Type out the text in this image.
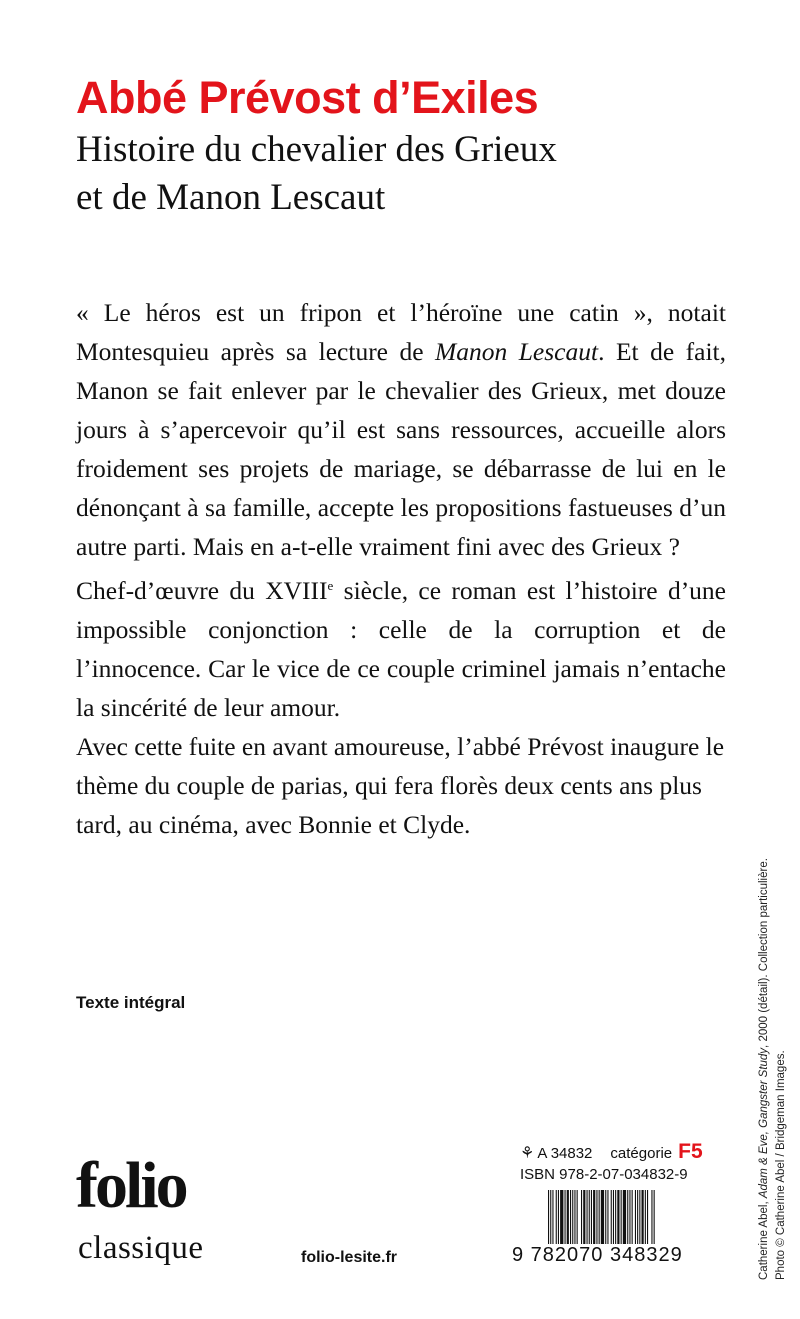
Abbé Prévost d’Exiles
Histoire du chevalier des Grieux
et de Manon Lescaut

« Le héros est un fripon et l’héroïne une catin », notait Montesquieu après sa lecture de Manon Lescaut. Et de fait, Manon se fait enlever par le chevalier des Grieux, met douze jours à s’apercevoir qu’il est sans ressources, accueille alors froidement ses projets de mariage, se débarrasse de lui en le dénonçant à sa famille, accepte les propositions fastueuses d’un autre parti. Mais en a-t-elle vraiment fini avec des Grieux ?

Chef-d’œuvre du XVIIIe siècle, ce roman est l’histoire d’une impossible conjonction : celle de la corruption et de l’innocence. Car le vice de ce couple criminel jamais n’entache la sincérité de leur amour.

Avec cette fuite en avant amoureuse, l’abbé Prévost inaugure le thème du couple de parias, qui fera florès deux cents ans plus tard, au cinéma, avec Bonnie et Clyde.

Texte intégral
⚘ A 34832 catégorie F5
ISBN 978-2-07-034832-9
9 782070 348329
folio
classique	folio-lesite.fr	Catherine Abel, Adam & Eve, Gangster Study, 2000 (détail). Collection particulière.
Photo © Catherine Abel / Bridgeman Images.
